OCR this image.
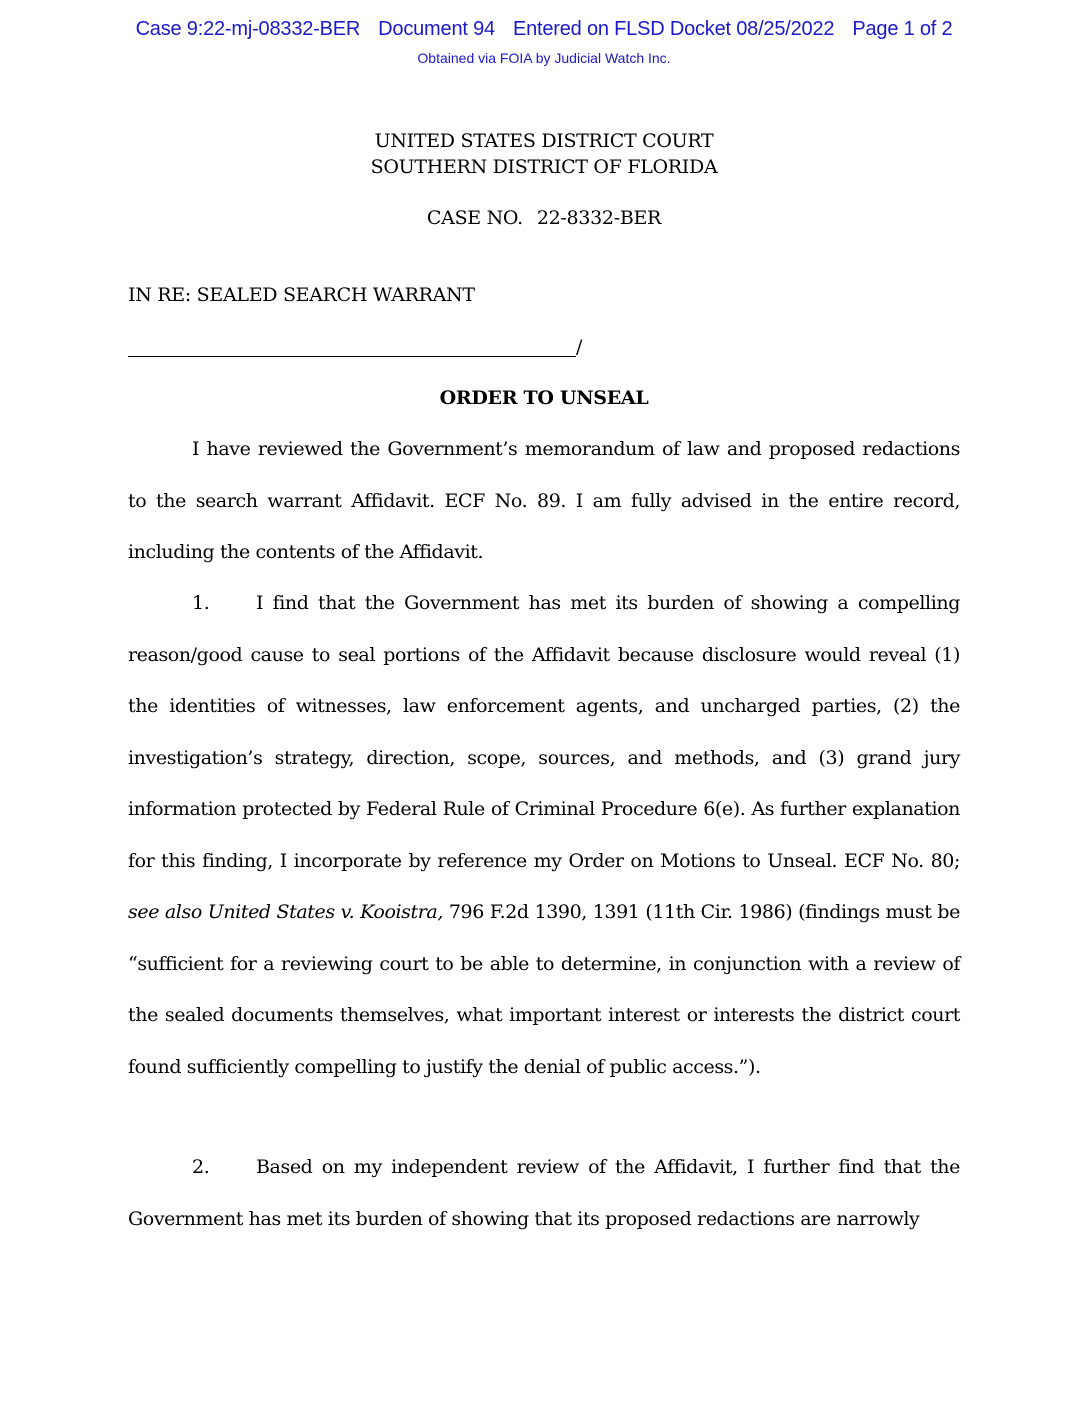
Case 9:22-mj-08332-BER Document 94 Entered on FLSD Docket 08/25/2022 Page 1 of 2
Obtained via FOIA by Judicial Watch Inc.
UNITED STATES DISTRICT COURT
SOUTHERN DISTRICT OF FLORIDA
CASE NO. 22-8332-BER
IN RE: SEALED SEARCH WARRANT
/
ORDER TO UNSEAL
I have reviewed the Government’s memorandum of law and proposed redactions to the search warrant Affidavit. ECF No. 89. I am fully advised in the entire record, including the contents of the Affidavit.
1. I find that the Government has met its burden of showing a compelling reason/good cause to seal portions of the Affidavit because disclosure would reveal (1) the identities of witnesses, law enforcement agents, and uncharged parties, (2) the investigation’s strategy, direction, scope, sources, and methods, and (3) grand jury information protected by Federal Rule of Criminal Procedure 6(e). As further explanation for this finding, I incorporate by reference my Order on Motions to Unseal. ECF No. 80; see also United States v. Kooistra, 796 F.2d 1390, 1391 (11th Cir. 1986) (findings must be “sufficient for a reviewing court to be able to determine, in conjunction with a review of the sealed documents themselves, what important interest or interests the district court found sufficiently compelling to justify the denial of public access.”).
2. Based on my independent review of the Affidavit, I further find that the Government has met its burden of showing that its proposed redactions are narrowly
